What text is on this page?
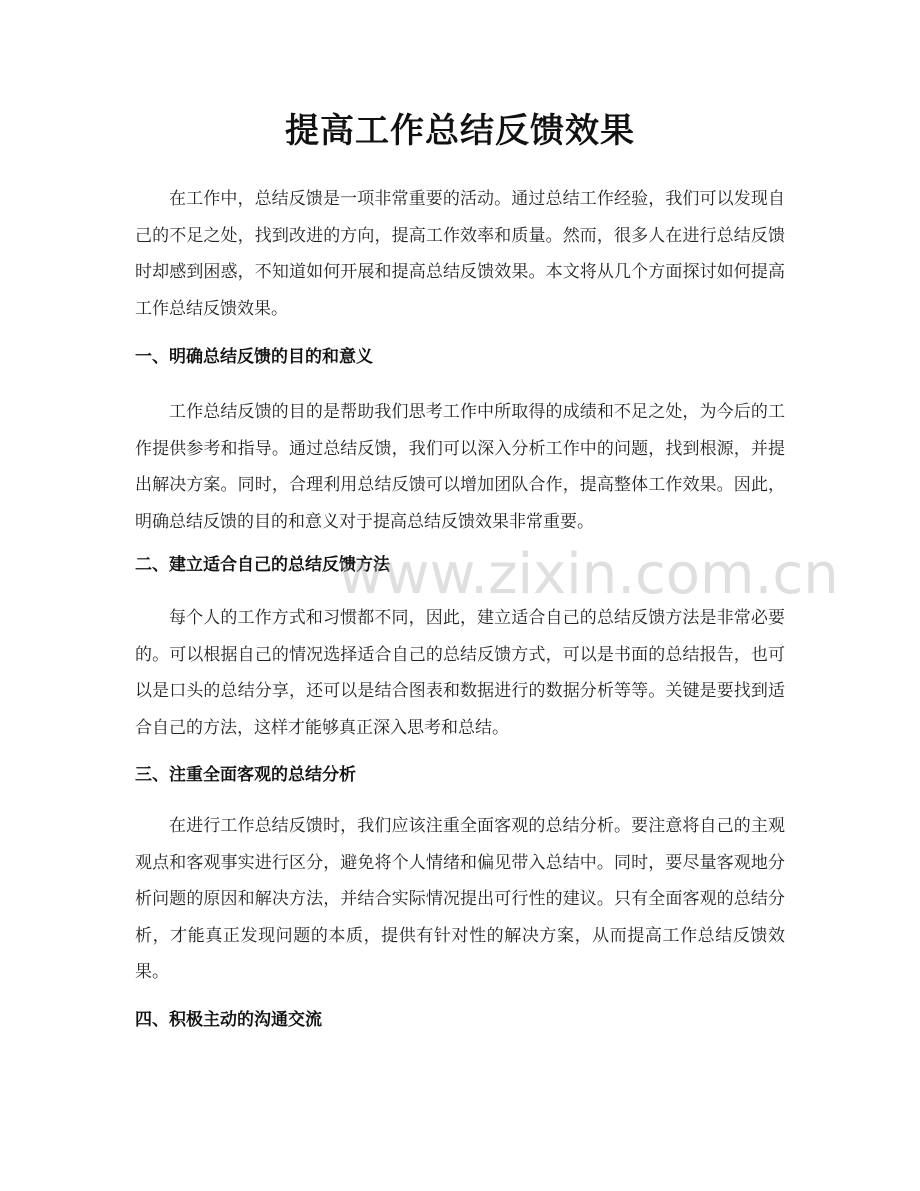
提高工作总结反馈效果

在工作中，总结反馈是一项非常重要的活动。通过总结工作经验，我们可以发现自己的不足之处，找到改进的方向，提高工作效率和质量。然而，很多人在进行总结反馈时却感到困惑，不知道如何开展和提高总结反馈效果。本文将从几个方面探讨如何提高工作总结反馈效果。

一、明确总结反馈的目的和意义

工作总结反馈的目的是帮助我们思考工作中所取得的成绩和不足之处，为今后的工作提供参考和指导。通过总结反馈，我们可以深入分析工作中的问题，找到根源，并提出解决方案。同时，合理利用总结反馈可以增加团队合作，提高整体工作效果。因此，明确总结反馈的目的和意义对于提高总结反馈效果非常重要。

二、建立适合自己的总结反馈方法

每个人的工作方式和习惯都不同，因此，建立适合自己的总结反馈方法是非常必要的。可以根据自己的情况选择适合自己的总结反馈方式，可以是书面的总结报告，也可以是口头的总结分享，还可以是结合图表和数据进行的数据分析等等。关键是要找到适合自己的方法，这样才能够真正深入思考和总结。

三、注重全面客观的总结分析

在进行工作总结反馈时，我们应该注重全面客观的总结分析。要注意将自己的主观观点和客观事实进行区分，避免将个人情绪和偏见带入总结中。同时，要尽量客观地分析问题的原因和解决方法，并结合实际情况提出可行性的建议。只有全面客观的总结分析，才能真正发现问题的本质，提供有针对性的解决方案，从而提高工作总结反馈效果。

四、积极主动的沟通交流
www.zixin.com.cn
